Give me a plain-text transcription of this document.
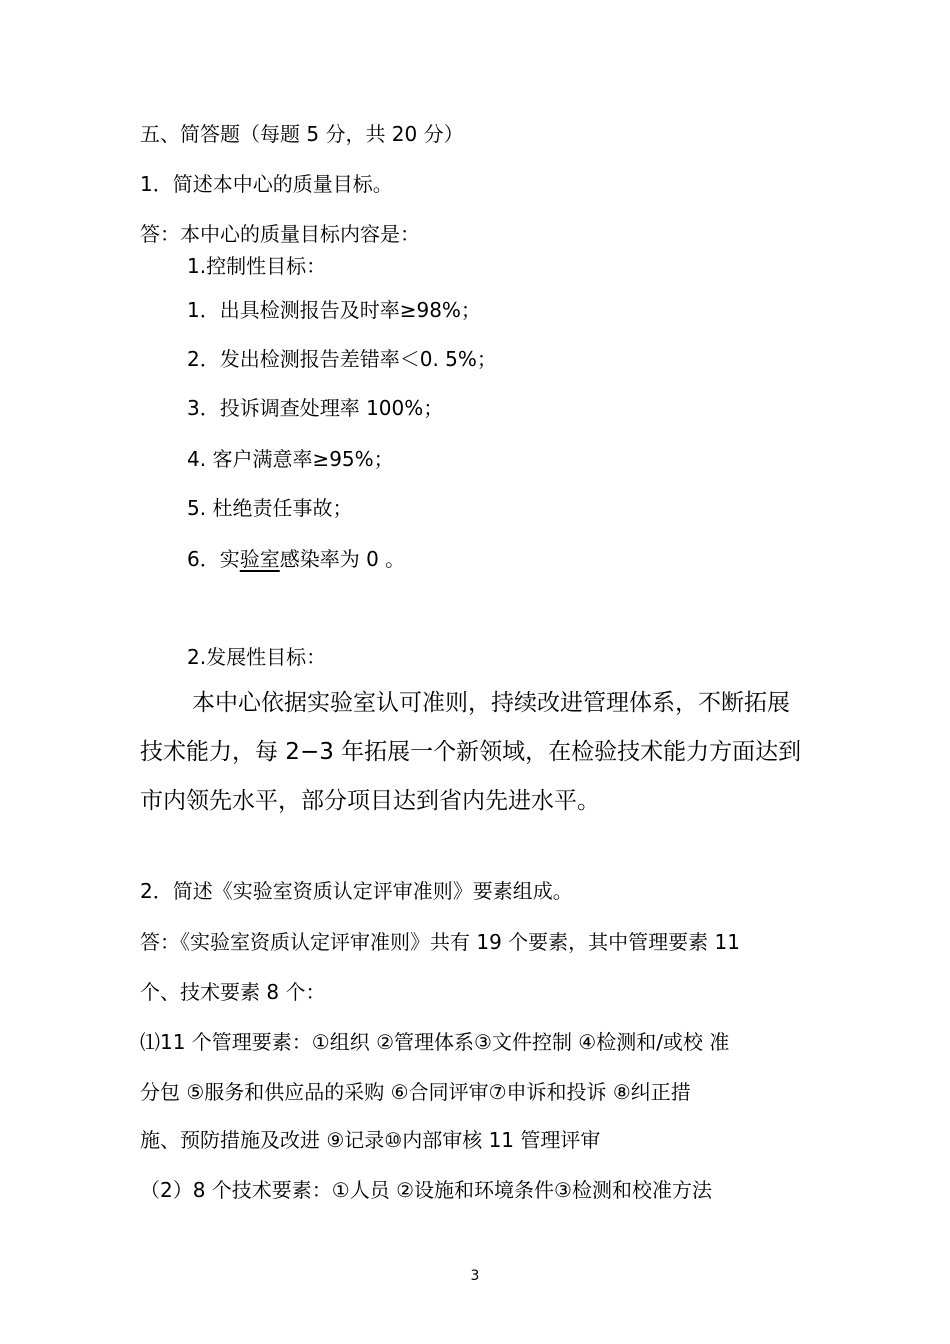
五、简答题（每题 5 分，共 20 分）
1．简述本中心的质量目标。
答：本中心的质量目标内容是：
1.控制性目标：
1．出具检测报告及时率≥98%；
2．发出检测报告差错率＜0. 5%；
3．投诉调查处理率 100%；
4. 客户满意率≥95%；
5. 杜绝责任事故；
6．实验室感染率为 0 。
2.发展性目标：
本中心依据实验室认可准则，持续改进管理体系，不断拓展
技术能力，每 2−3 年拓展一个新领域，在检验技术能力方面达到
市内领先水平，部分项目达到省内先进水平。
2．简述《实验室资质认定评审准则》要素组成。
答：《实验室资质认定评审准则》共有 19 个要素，其中管理要素 11
个、技术要素 8 个：
⑴11 个管理要素：①组织 ②管理体系③文件控制 ④检测和/或校 准
分包 ⑤服务和供应品的采购 ⑥合同评审⑦申诉和投诉 ⑧纠正措
施、预防措施及改进 ⑨记录⑩内部审核 11 管理评审
（2）8 个技术要素：①人员 ②设施和环境条件③检测和校准方法
3
